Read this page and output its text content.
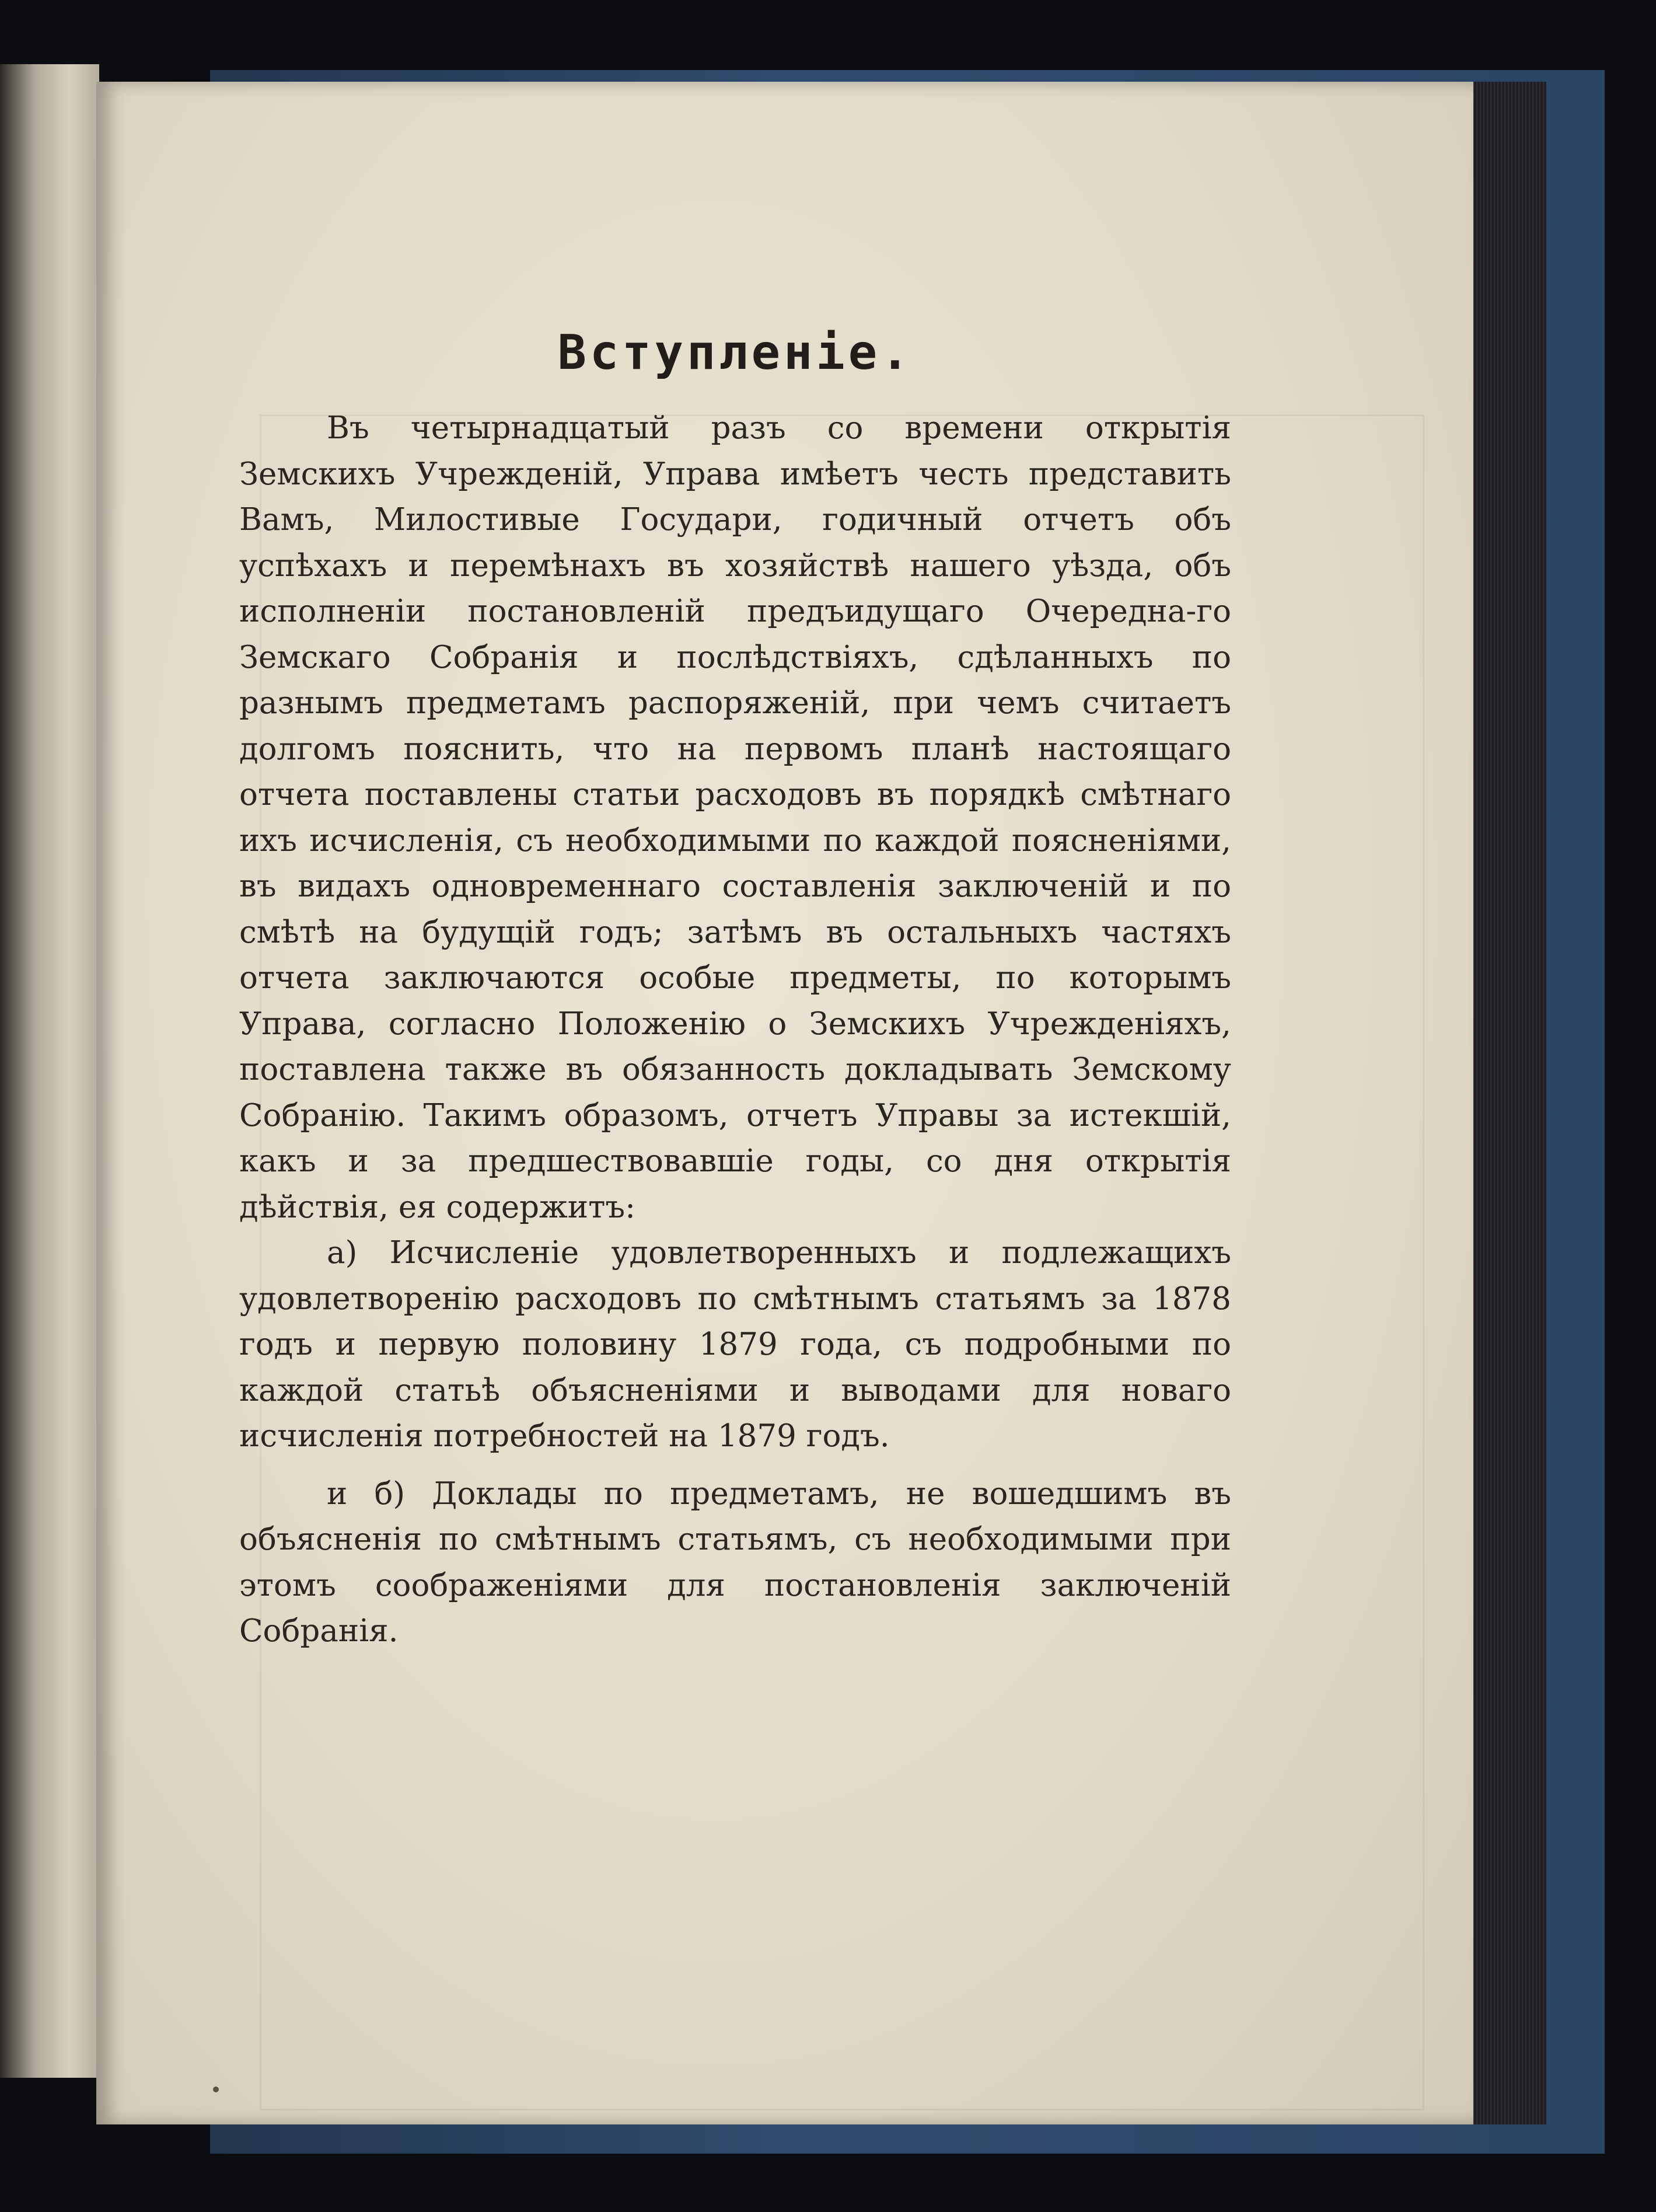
Вступленіе.

Въ четырнадцатый разъ со времени открытія Земскихъ Учрежденій, Управа имѣетъ честь представить Вамъ, Милостивые Государи, годичный отчетъ объ успѣхахъ и перемѣнахъ въ хозяйствѣ нашего уѣзда, объ исполненіи постановленій предъидущаго Очередна-го Земскаго Собранія и послѣдствіяхъ, сдѣланныхъ по разнымъ предметамъ распоряженій, при чемъ считаетъ долгомъ пояснить, что на первомъ планѣ настоящаго отчета поставлены статьи расходовъ въ порядкѣ смѣтнаго ихъ исчисленія, съ необходимыми по каждой поясненіями, въ видахъ одновременнаго составленія заключеній и по смѣтѣ на будущій годъ; затѣмъ въ остальныхъ частяхъ отчета заключаются особые предметы, по которымъ Управа, согласно Положенію о Земскихъ Учрежденіяхъ, поставлена также въ обязанность докладывать Земскому Собранію. Такимъ образомъ, отчетъ Управы за истекшій, какъ и за предшествовавшіе годы, со дня открытія дѣйствія, ея содержитъ:

а) Исчисленіе удовлетворенныхъ и подлежащихъ удовлетворенію расходовъ по смѣтнымъ статьямъ за 1878 годъ и первую половину 1879 года, съ подробными по каждой статьѣ объясненіями и выводами для новаго исчисленія потребностей на 1879 годъ.

и б) Доклады по предметамъ, не вошедшимъ въ объясненія по смѣтнымъ статьямъ, съ необходимыми при этомъ соображеніями для постановленія заключеній Собранія.
